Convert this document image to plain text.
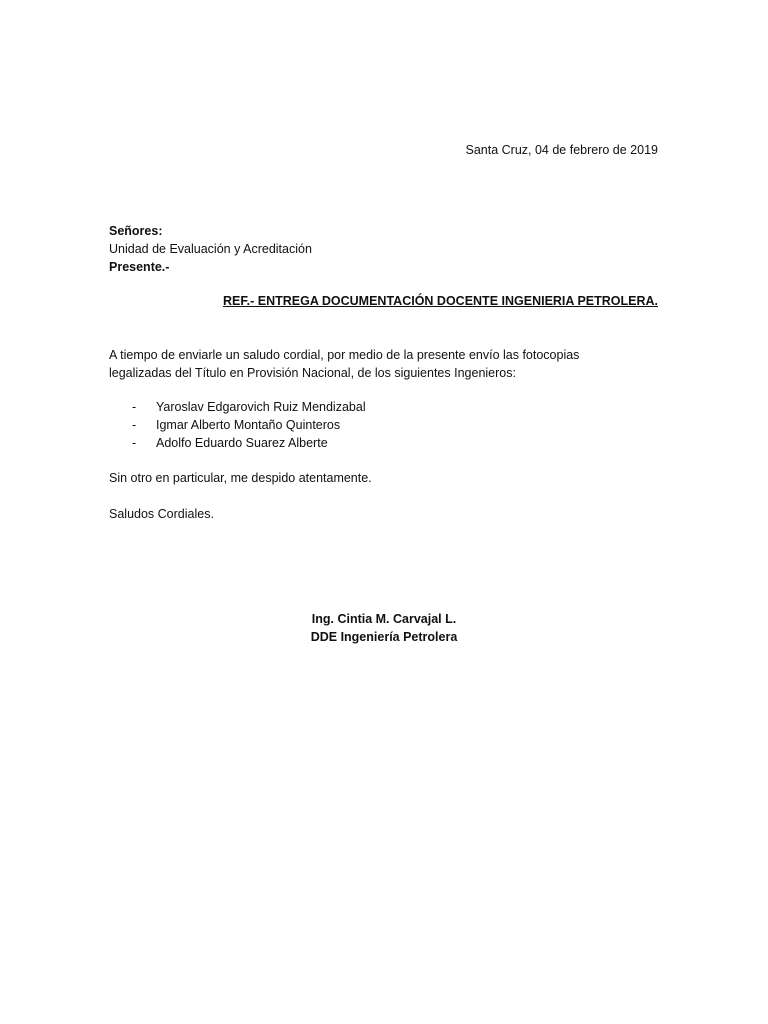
Santa Cruz, 04 de febrero de 2019
Señores:
Unidad de Evaluación y Acreditación
Presente.-
REF.- ENTREGA DOCUMENTACIÓN DOCENTE INGENIERIA PETROLERA.
A tiempo de enviarle un saludo cordial, por medio de la presente envío las fotocopias
legalizadas del Título en Provisión Nacional, de los siguientes Ingenieros:
- Yaroslav Edgarovich Ruiz Mendizabal
- Igmar Alberto Montaño Quinteros
- Adolfo Eduardo Suarez Alberte
Sin otro en particular, me despido atentamente.
Saludos Cordiales.
Ing. Cintia M. Carvajal L.
DDE Ingeniería Petrolera
